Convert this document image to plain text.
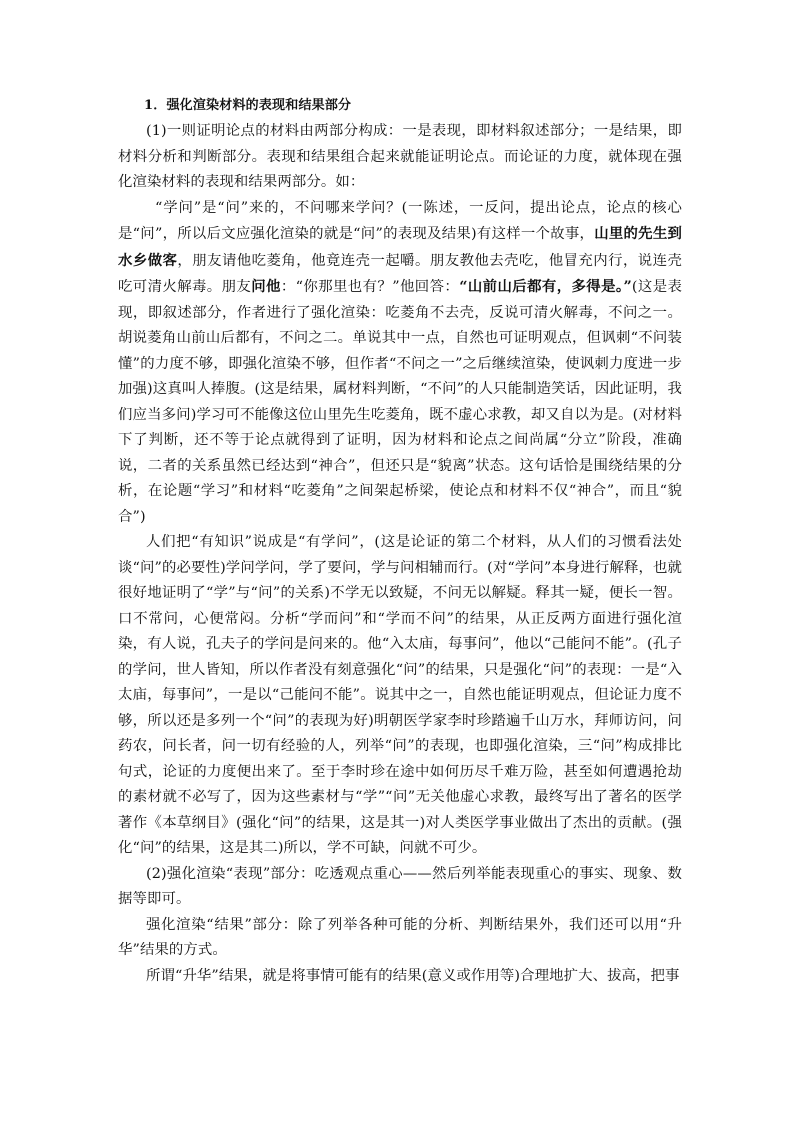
1．强化渲染材料的表现和结果部分

(1)一则证明论点的材料由两部分构成：一是表现，即材料叙述部分；一是结果，即材料分析和判断部分。表现和结果组合起来就能证明论点。而论证的力度，就体现在强化渲染材料的表现和结果两部分。如：

“学问”是“问”来的，不问哪来学问？(一陈述，一反问，提出论点，论点的核心是“问”，所以后文应强化渲染的就是“问”的表现及结果)有这样一个故事，山里的先生到水乡做客，朋友请他吃菱角，他竟连壳一起嚼。朋友教他去壳吃，他冒充内行，说连壳吃可清火解毒。朋友问他：“你那里也有？”他回答：“山前山后都有，多得是。”(这是表现，即叙述部分，作者进行了强化渲染：吃菱角不去壳，反说可清火解毒，不问之一。胡说菱角山前山后都有，不问之二。单说其中一点，自然也可证明观点，但讽刺“不问装懂”的力度不够，即强化渲染不够，但作者“不问之一”之后继续渲染，使讽刺力度进一步加强)这真叫人捧腹。(这是结果，属材料判断，“不问”的人只能制造笑话，因此证明，我们应当多问)学习可不能像这位山里先生吃菱角，既不虚心求教，却又自以为是。(对材料下了判断，还不等于论点就得到了证明，因为材料和论点之间尚属“分立”阶段，准确说，二者的关系虽然已经达到“神合”，但还只是“貌离”状态。这句话恰是围绕结果的分析，在论题“学习”和材料“吃菱角”之间架起桥梁，使论点和材料不仅“神合”，而且“貌合”)

人们把“有知识”说成是“有学问”，(这是论证的第二个材料，从人们的习惯看法处谈“问”的必要性)学问学问，学了要问，学与问相辅而行。(对“学问”本身进行解释，也就很好地证明了“学”与“问”的关系)不学无以致疑，不问无以解疑。释其一疑，便长一智。口不常问，心便常闷。分析“学而问”和“学而不问”的结果，从正反两方面进行强化渲染，有人说，孔夫子的学问是问来的。他“入太庙，每事问”，他以“己能问不能”。(孔子的学问，世人皆知，所以作者没有刻意强化“问”的结果，只是强化“问”的表现：一是“入太庙，每事问”，一是以“己能问不能”。说其中之一，自然也能证明观点，但论证力度不够，所以还是多列一个“问”的表现为好)明朝医学家李时珍踏遍千山万水，拜师访问，问药农，问长者，问一切有经验的人，列举“问”的表现，也即强化渲染，三“问”构成排比句式，论证的力度便出来了。至于李时珍在途中如何历尽千难万险，甚至如何遭遇抢劫的素材就不必写了，因为这些素材与“学”“问”无关他虚心求教，最终写出了著名的医学著作《本草纲目》(强化“问”的结果，这是其一)对人类医学事业做出了杰出的贡献。(强化“问”的结果，这是其二)所以，学不可缺，问就不可少。

(2)强化渲染“表现”部分：吃透观点重心——然后列举能表现重心的事实、现象、数据等即可。

强化渲染“结果”部分：除了列举各种可能的分析、判断结果外，我们还可以用“升华”结果的方式。

所谓“升华”结果，就是将事情可能有的结果(意义或作用等)合理地扩大、拔高，把事
